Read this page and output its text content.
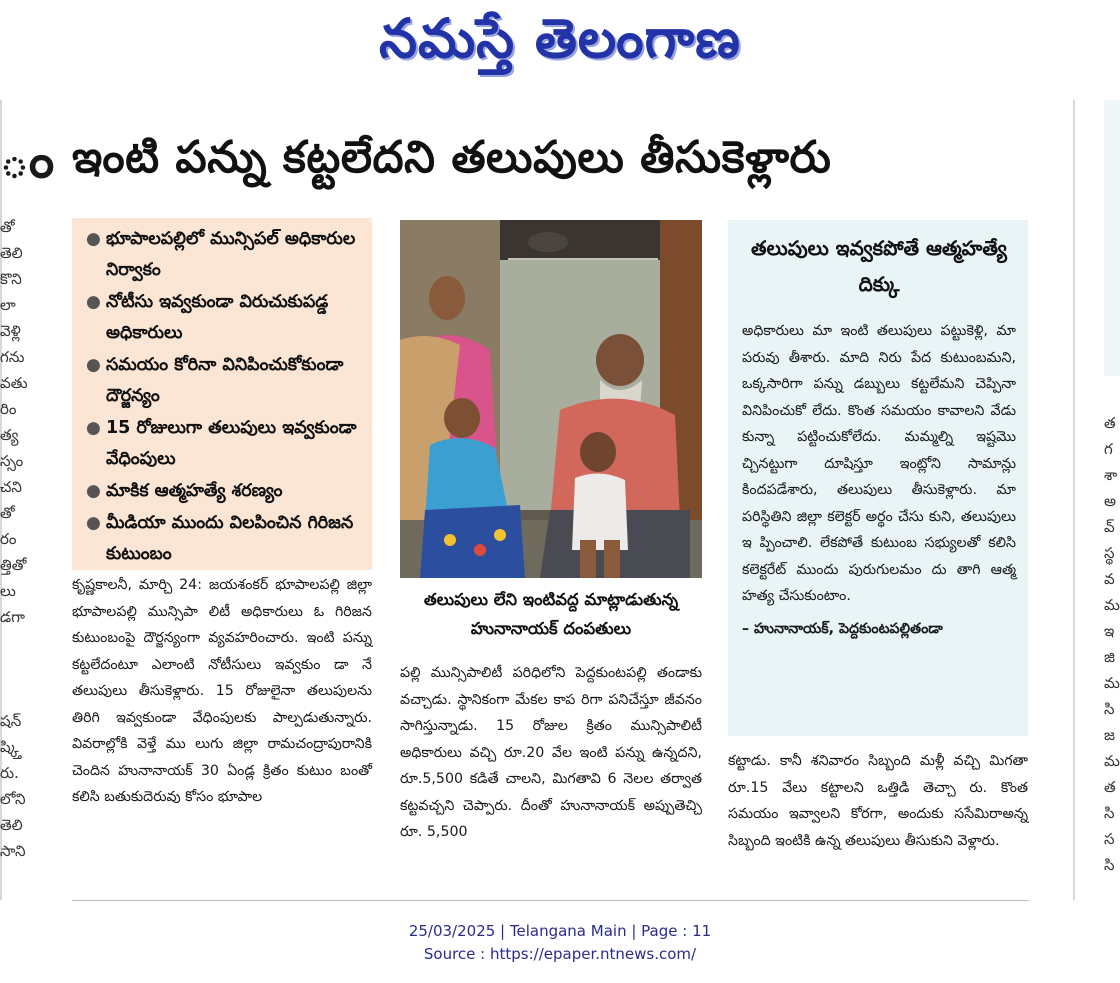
నమస్తే తెలంగాణ
ం
తో
తెలి
కొని
లా
వెళ్లి
గను
వతు
రిం
త్య
స్సం
చని
తో
రం
త్తితో
లు
డగా

షన్
ష్క్తి
రు.
లోని
తెలి
సాని
త
గ
శా
అ
వ్
స్థ
వ
మ
ఇ
జి
మ
సి
జ
మ
త
సి
స
సి
ఇంటి పన్ను కట్టలేదని తలుపులు తీసుకెళ్లారు
● భూపాలపల్లిలో మున్సిపల్ అధికారుల నిర్వాకం
● నోటీసు ఇవ్వకుండా విరుచుకుపడ్డ అధికారులు
● సమయం కోరినా వినిపించుకోకుండా దౌర్జన్యం
● 15 రోజులుగా తలుపులు ఇవ్వకుండా వేధింపులు
● మాకిక ఆత్మహత్యే శరణ్యం
● మీడియా ముందు విలపించిన గిరిజన కుటుంబం
తలుపులు లేని ఇంటివద్ద మాట్లాడుతున్న హునానాయక్ దంపతులు
తలుపులు ఇవ్వకపోతే ఆత్మహత్యే దిక్కు
అధికారులు మా ఇంటి తలుపులు పట్టుకెళ్లి, మా పరువు తీశారు. మాది నిరు పేద కుటుంబమని, ఒక్కసారిగా పన్ను డబ్బులు కట్టలేమని చెప్పినా వినిపించుకో లేదు. కొంత సమయం కావాలని వేడు కున్నా పట్టించుకోలేదు. మమ్మల్ని ఇష్టమొ చ్చినట్టుగా దూషిస్తూ ఇంట్లోని సామాన్లు కిందపడేశారు, తలుపులు తీసుకెళ్లారు. మా పరిస్థితిని జిల్లా కలెక్టర్ అర్థం చేసు కుని, తలుపులు ఇ ప్పించాలి. లేకపోతే కుటుంబ సభ్యులతో కలిసి కలెక్టరేట్ ముందు పురుగులమం దు తాగి ఆత్మ హత్య చేసుకుంటాం.
– హునానాయక్, పెద్దకుంటపల్లితండా
కృష్ణకాలనీ, మార్చి 24: జయశంకర్ భూపాలపల్లి జిల్లా భూపాలపల్లి మున్సిపా లిటీ అధికారులు ఓ గిరిజన కుటుంబంపై దౌర్జన్యంగా వ్యవహరించారు. ఇంటి పన్ను కట్టలేదంటూ ఎలాంటి నోటీసులు ఇవ్వకుం డా నే తలుపులు తీసుకెళ్లారు. 15 రోజులైనా తలుపులను తిరిగి ఇవ్వకుండా వేధింపులకు పాల్పడుతున్నారు. వివరాల్లోకి వెళ్తే ము లుగు జిల్లా రామచంద్రాపురానికి చెందిన హునానాయక్ 30 ఏండ్ల క్రితం కుటుం బంతో కలిసి బతుకుదెరువు కోసం భూపాల
పల్లి మున్సిపాలిటీ పరిధిలోని పెద్దకుంటపల్లి తండాకు వచ్చాడు. స్థానికంగా మేకల కాప రిగా పనిచేస్తూ జీవనం సాగిస్తున్నాడు. 15 రోజుల క్రితం మున్సిపాలిటీ అధికారులు వచ్చి రూ.20 వేల ఇంటి పన్ను ఉన్నదని, రూ.5,500 కడితే చాలని, మిగతావి 6 నెలల తర్వాత కట్టవచ్చని చెప్పారు. దీంతో హునానాయక్ అప్పుతెచ్చి రూ. 5,500
కట్టాడు. కానీ శనివారం సిబ్బంది మళ్లీ వచ్చి మిగతా రూ.15 వేలు కట్టాలని ఒత్తిడి తెచ్చా రు. కొంత సమయం ఇవ్వాలని కోరగా, అందుకు ససేమిరాఅన్న సిబ్బంది ఇంటికి ఉన్న తలుపులు తీసుకుని వెళ్లారు.
25/03/2025 | Telangana Main | Page : 11
Source : https://epaper.ntnews.com/
